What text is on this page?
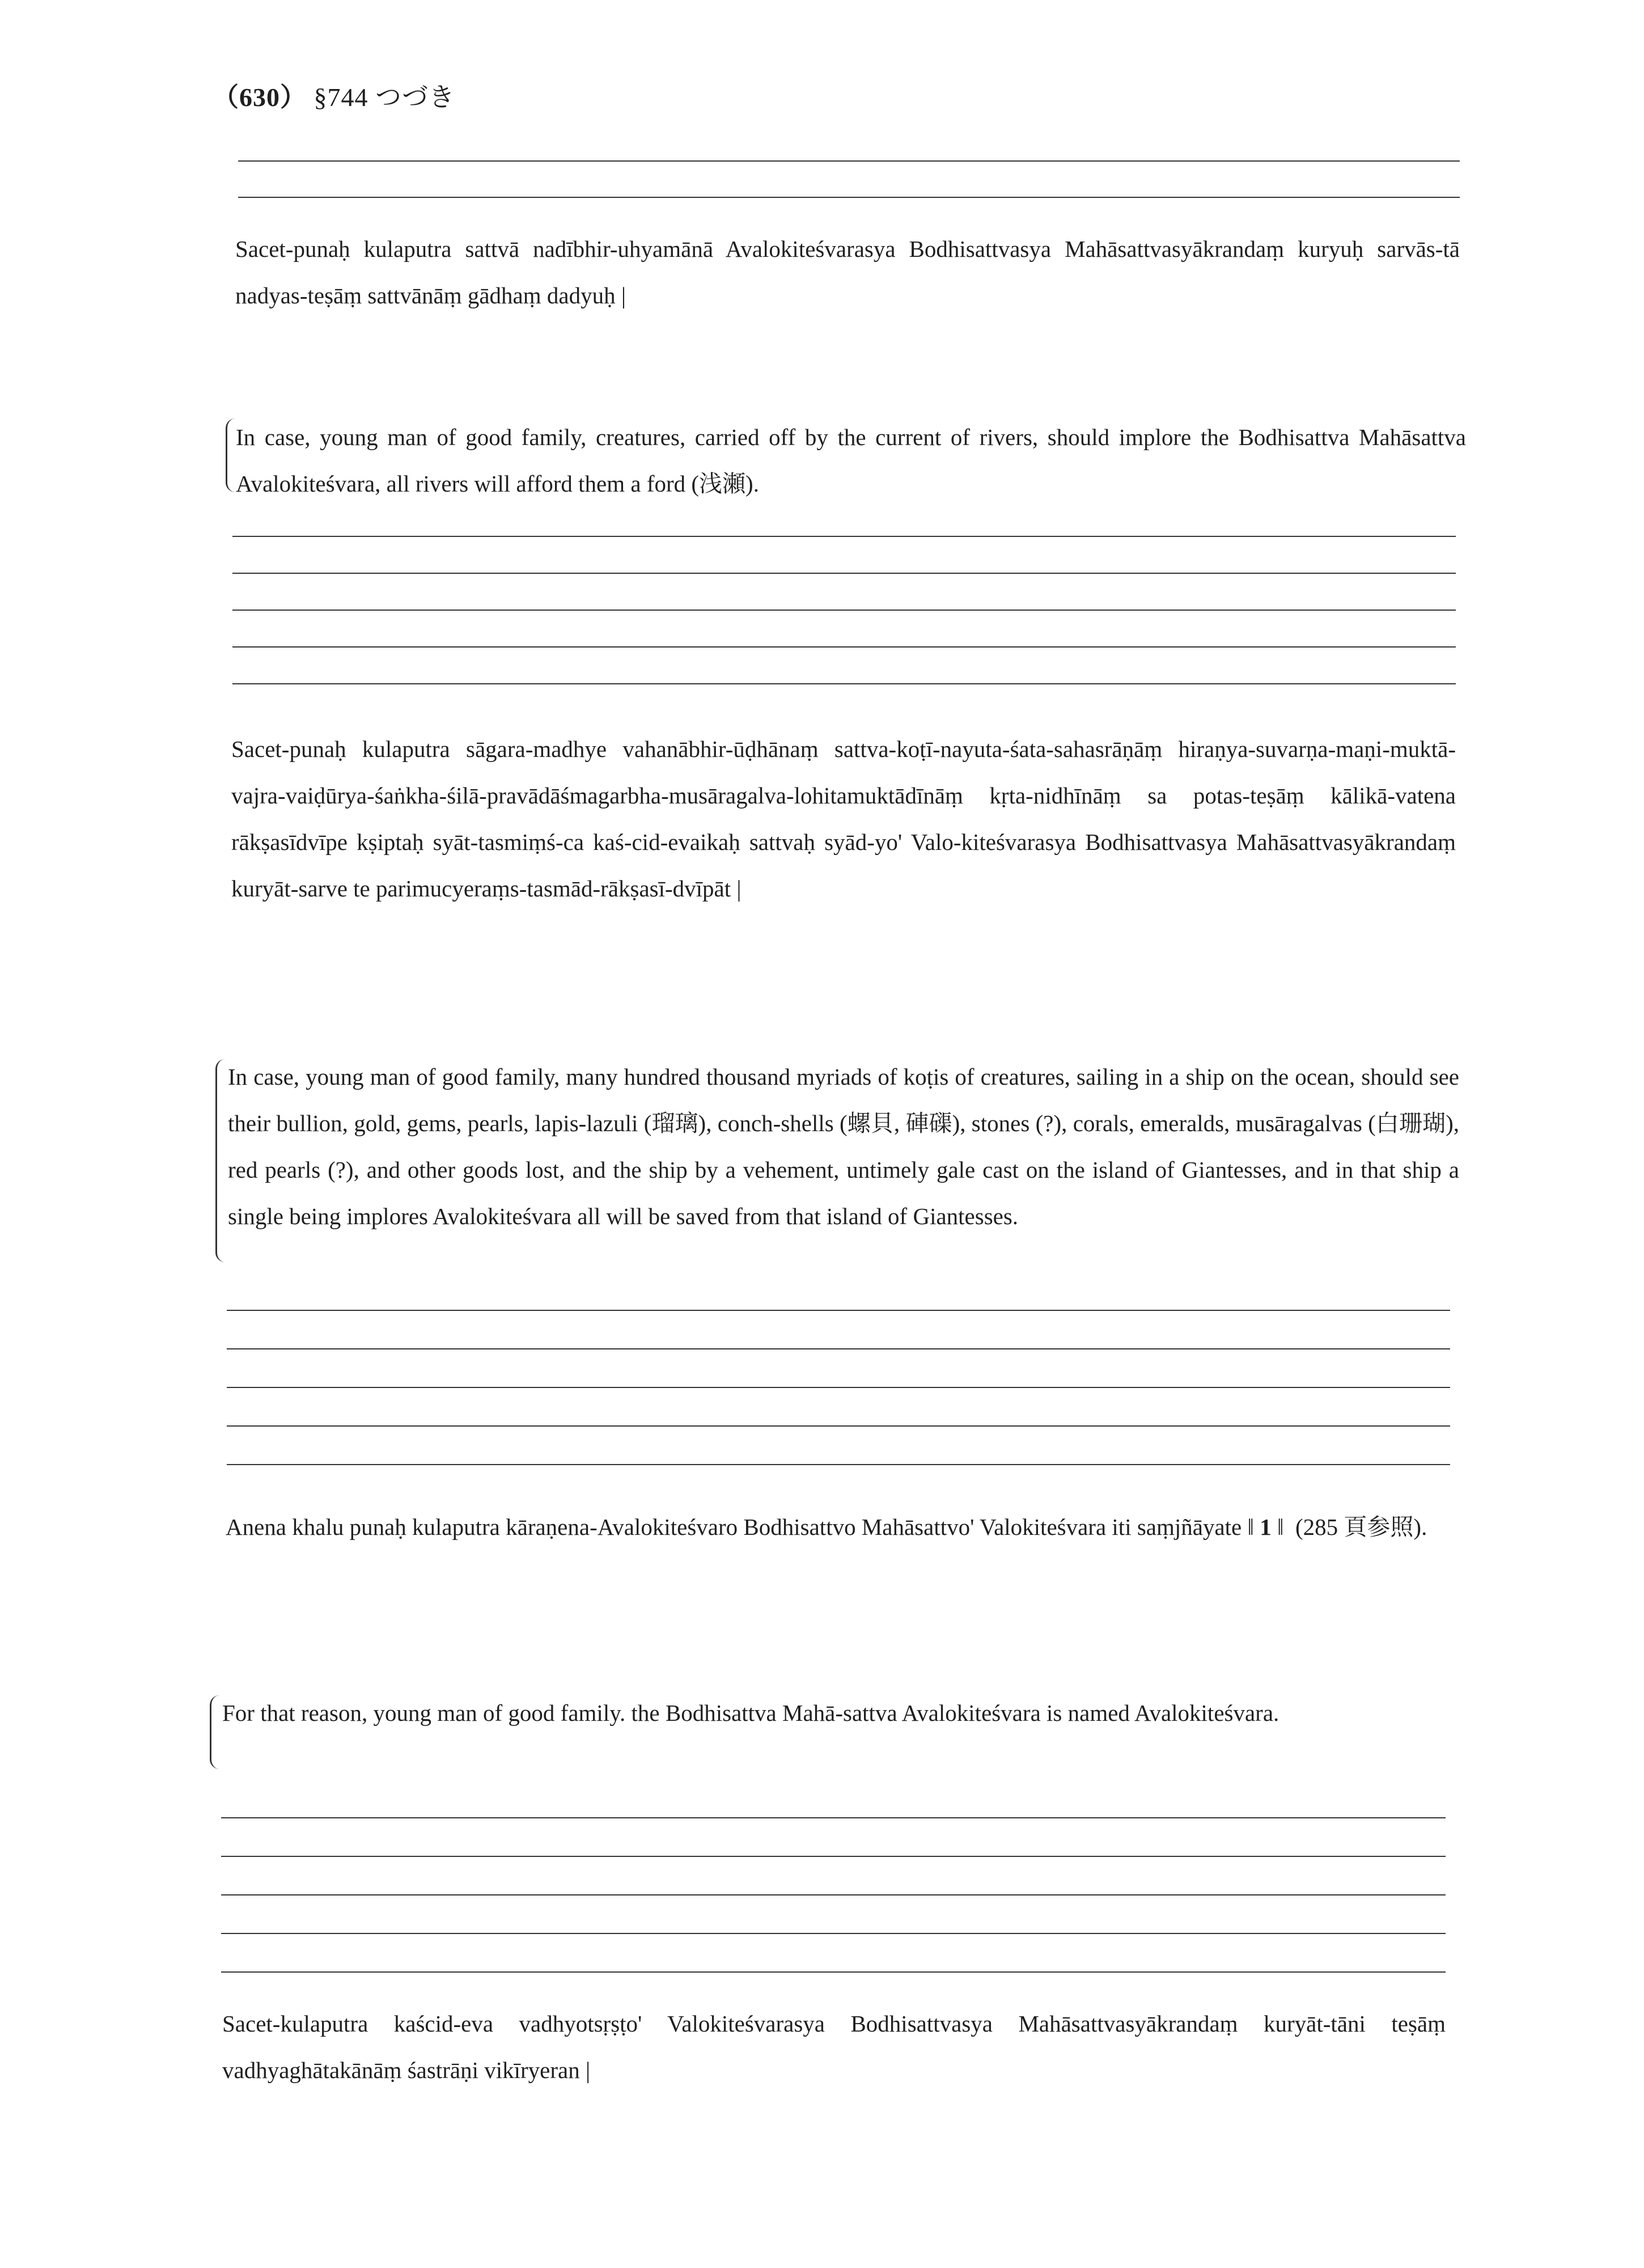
（630） §744 つづき
Sacet-punaḥ kulaputra sattvā nadībhir-uhyamānā Avalokiteśvarasya Bodhisattvasya Mahāsattvasyākrandaṃ kuryuḥ sarvās-tā nadyas-teṣāṃ sattvānāṃ gādhaṃ dadyuḥ |
In case, young man of good family, creatures, carried off by the current of rivers, should implore the Bodhisattva Mahāsattva Avalokiteśvara, all rivers will afford them a ford (浅瀬).
Sacet-punaḥ kulaputra sāgara-madhye vahanābhir-ūḍhānaṃ sattva-koṭī-nayuta-śata-sahasrāṇāṃ hiraṇya-suvarṇa-maṇi-muktā-vajra-vaiḍūrya-śaṅkha-śilā-pravādāśmagarbha-musāragalva-lohitamuktādīnāṃ kṛta-nidhīnāṃ sa potas-teṣāṃ kālikā-vatena rākṣasīdvīpe kṣiptaḥ syāt-tasmiṃś-ca kaś-cid-evaikaḥ sattvaḥ syād-yo' Valo-kiteśvarasya Bodhisattvasya Mahāsattvasyākrandaṃ kuryāt-sarve te parimucyeraṃs-tasmād-rākṣasī-dvīpāt |
In case, young man of good family, many hundred thousand myriads of koṭis of creatures, sailing in a ship on the ocean, should see their bullion, gold, gems, pearls, lapis-lazuli (瑠璃), conch-shells (螺貝, 硨磲), stones (?), corals, emeralds, musāragalvas (白珊瑚), red pearls (?), and other goods lost, and the ship by a vehement, untimely gale cast on the island of Giantesses, and in that ship a single being implores Avalokiteśvara all will be saved from that island of Giantesses.
Anena khalu punaḥ kulaputra kāraṇena-Avalokiteśvaro Bodhisattvo Mahāsattvo' Valokiteśvara iti saṃjñāyate ‖ 1 ‖ (285 頁参照).
For that reason, young man of good family. the Bodhisattva Mahā-sattva Avalokiteśvara is named Avalokiteśvara.
Sacet-kulaputra kaścid-eva vadhyotsṛṣṭo' Valokiteśvarasya Bodhisattvasya Mahāsattvasyākrandaṃ kuryāt-tāni teṣāṃ vadhyaghātakānāṃ śastrāṇi vikīryeran |
